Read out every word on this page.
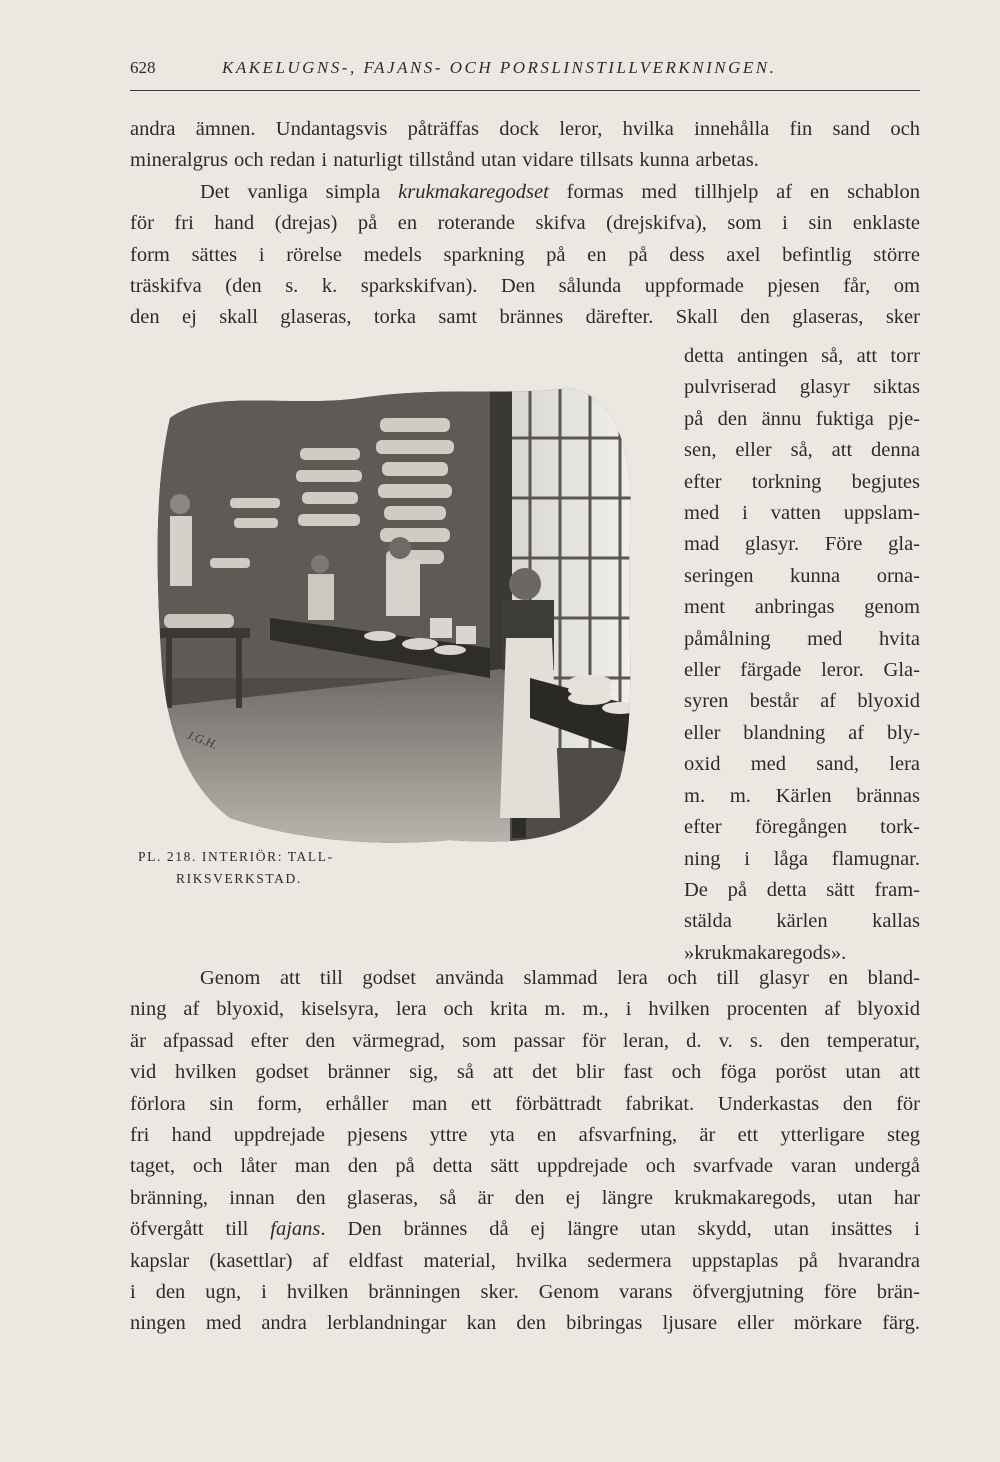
628	KAKELUGNS-, FAJANS- OCH PORSLINSTILLVERKNINGEN.
andra ämnen. Undantagsvis påträffas dock leror, hvilka innehålla fin sand och
mineralgrus och redan i naturligt tillstånd utan vidare tillsats kunna arbetas.
Det vanliga simpla krukmakaregodset formas med tillhjelp af en schablon
för fri hand (drejas) på en roterande skifva (drejskifva), som i sin enklaste
form sättes i rörelse medels sparkning på en på dess axel befintlig större
träskifva (den s. k. sparkskifvan). Den sålunda uppformade pjesen får, om
den ej skall glaseras, torka samt brännes därefter. Skall den glaseras, sker
J.G.H.
detta antingen så, att torr
pulvriserad glasyr siktas
på den ännu fuktiga pje-
sen, eller så, att denna
efter torkning begjutes
med i vatten uppslam-
mad glasyr. Före gla-
seringen kunna orna-
ment anbringas genom
påmålning med hvita
eller färgade leror. Gla-
syren består af blyoxid
eller blandning af bly-
oxid med sand, lera
m. m. Kärlen brännas
efter föregången tork-
ning i låga flamugnar.
De på detta sätt fram-
stälda kärlen kallas
»krukmakaregods».
PL. 218. INTERIÖR: TALL-
RIKSVERKSTAD.
Genom att till godset använda slammad lera och till glasyr en bland-
ning af blyoxid, kiselsyra, lera och krita m. m., i hvilken procenten af blyoxid
är afpassad efter den värmegrad, som passar för leran, d. v. s. den temperatur,
vid hvilken godset bränner sig, så att det blir fast och föga poröst utan att
förlora sin form, erhåller man ett förbättradt fabrikat. Underkastas den för
fri hand uppdrejade pjesens yttre yta en afsvarfning, är ett ytterligare steg
taget, och låter man den på detta sätt uppdrejade och svarfvade varan undergå
bränning, innan den glaseras, så är den ej längre krukmakaregods, utan har
öfvergått till fajans. Den brännes då ej längre utan skydd, utan insättes i
kapslar (kasettlar) af eldfast material, hvilka sedermera uppstaplas på hvarandra
i den ugn, i hvilken bränningen sker. Genom varans öfvergjutning före brän-
ningen med andra lerblandningar kan den bibringas ljusare eller mörkare färg.
